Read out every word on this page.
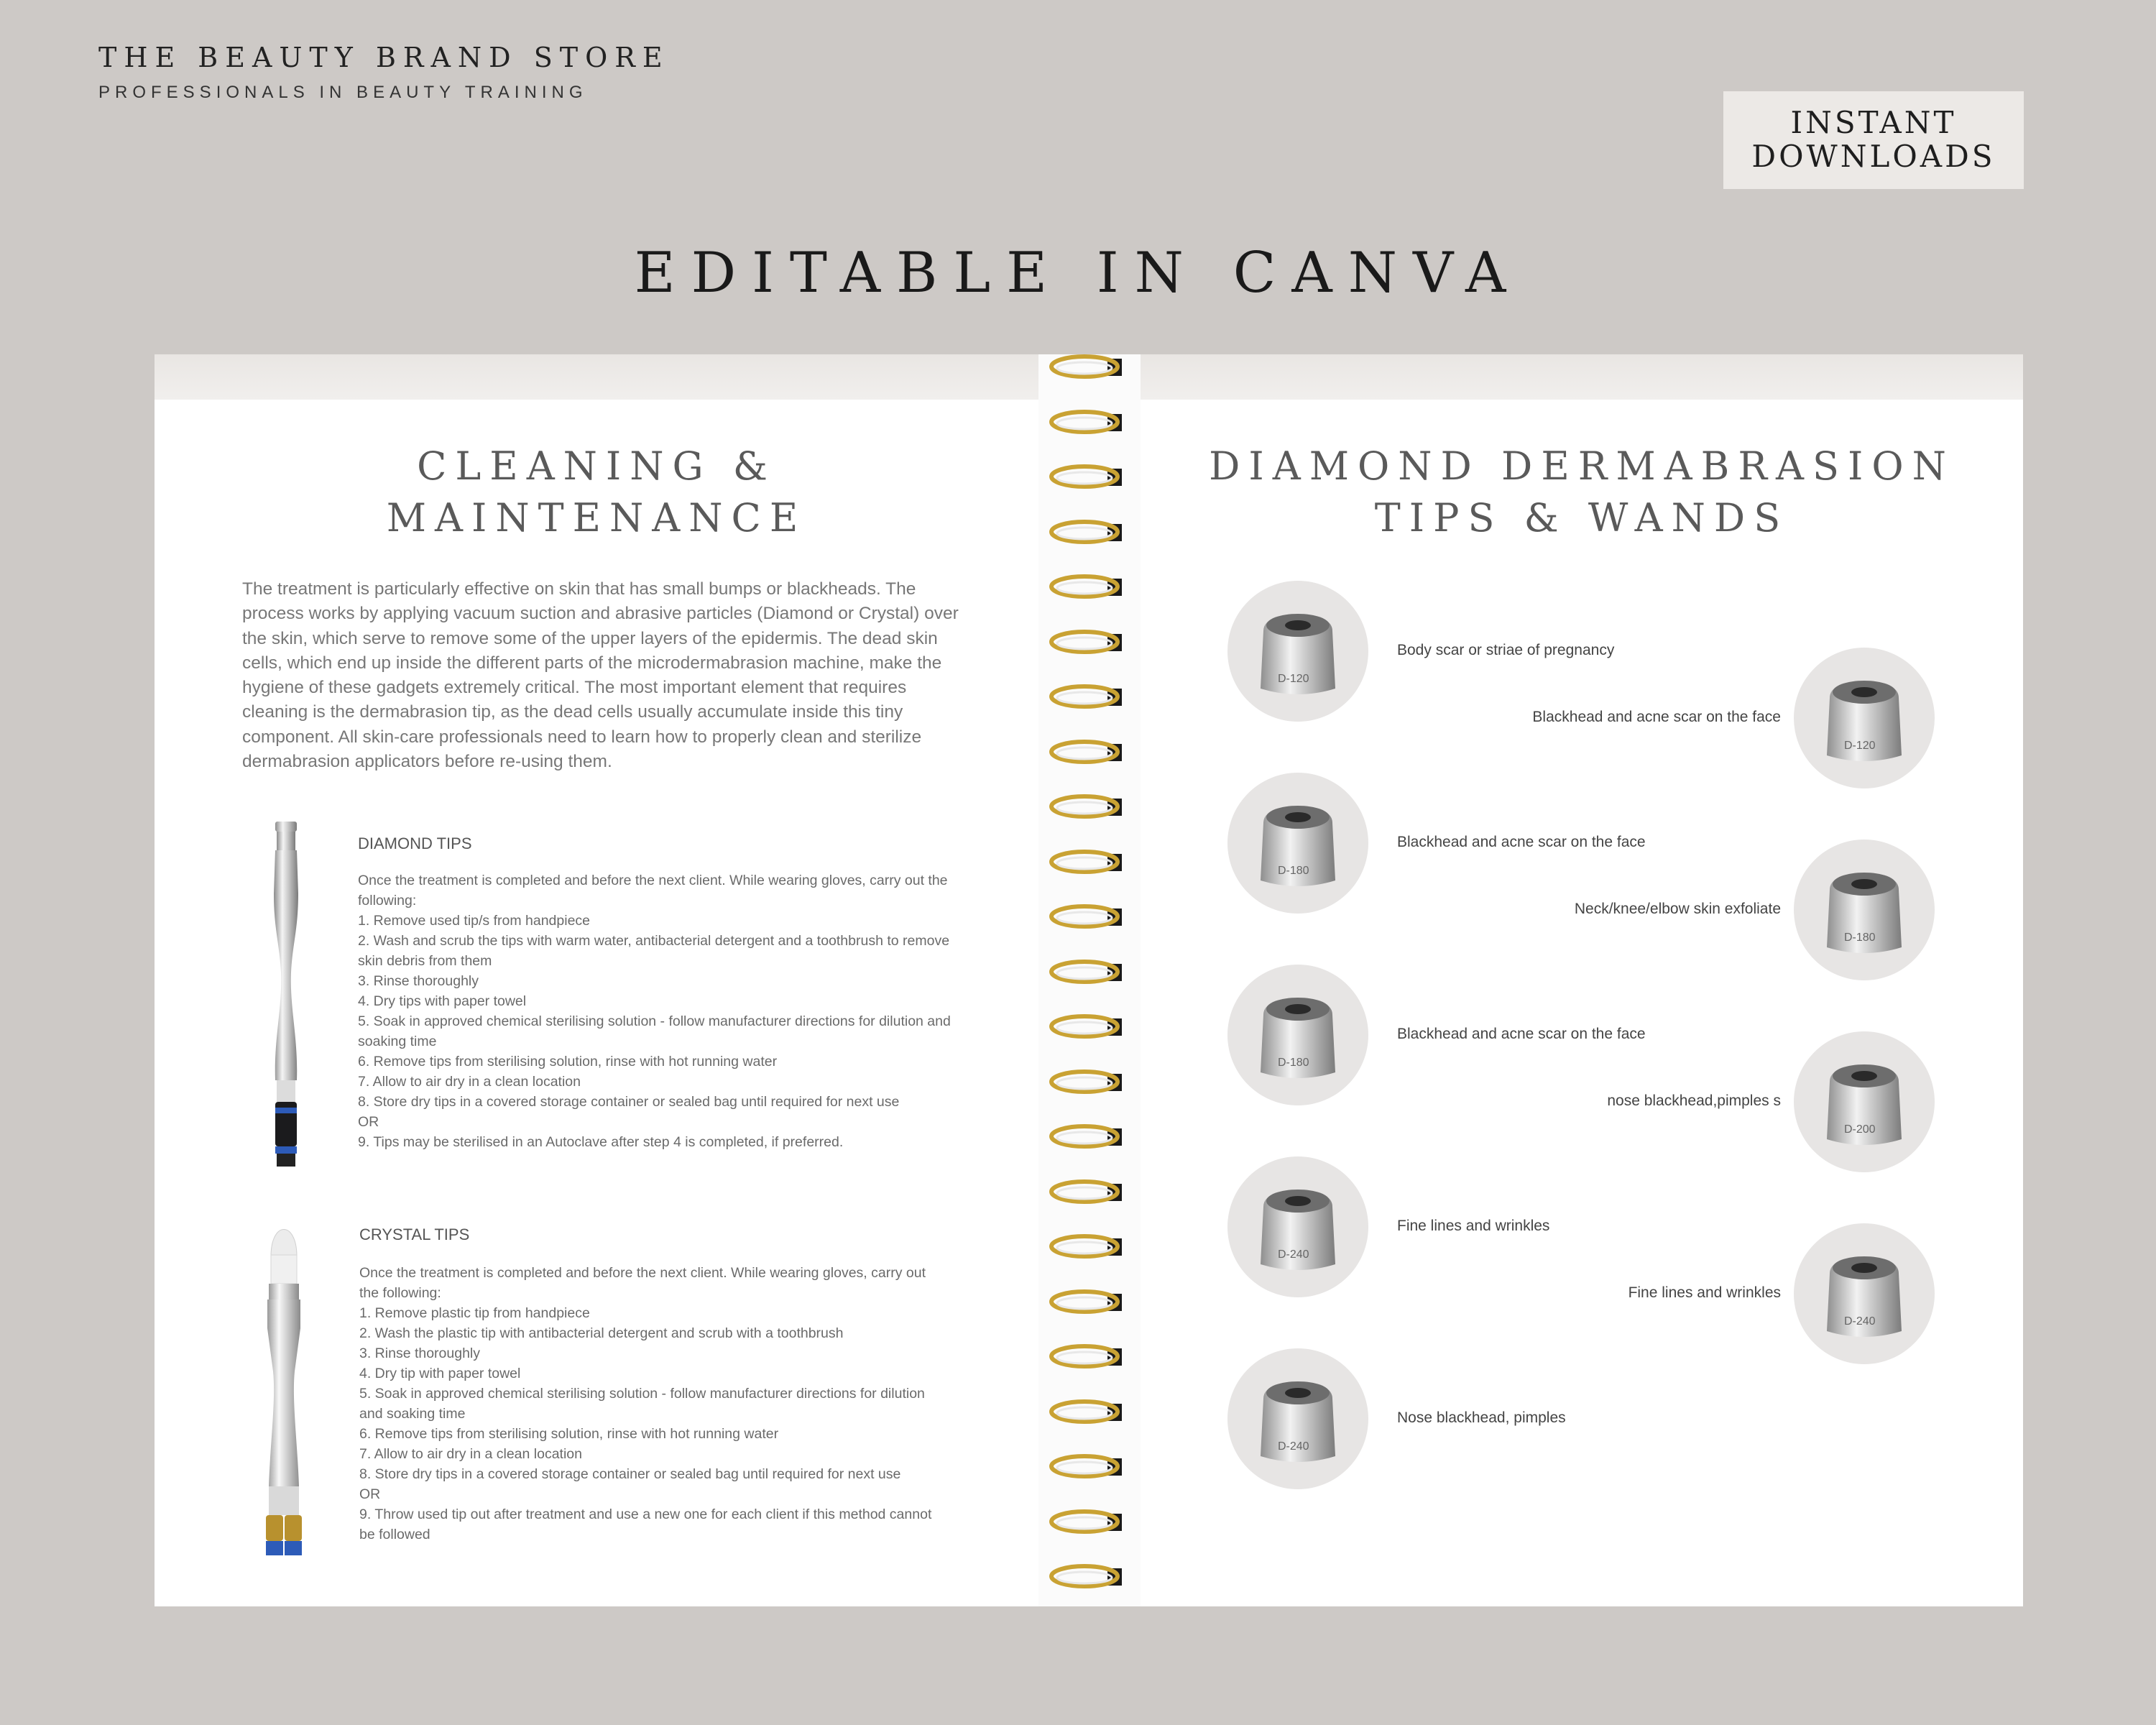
THE BEAUTY BRAND STORE
PROFESSIONALS IN BEAUTY TRAINING
INSTANT
DOWNLOADS
EDITABLE IN CANVA
CLEANING &
MAINTENANCE

The treatment is particularly effective on skin that has small bumps or blackheads. The process works by applying vacuum suction and abrasive particles (Diamond or Crystal) over the skin, which serve to remove some of the upper layers of the epidermis. The dead skin cells, which end up inside the different parts of the microdermabrasion machine, make the hygiene of these gadgets extremely critical. The most important element that requires cleaning is the dermabrasion tip, as the dead cells usually accumulate inside this tiny component. All skin-care professionals need to learn how to properly clean and sterilize dermabrasion applicators before re-using them.

DIAMOND TIPS

Once the treatment is completed and before the next client. While wearing gloves, carry out the following:
1. Remove used tip/s from handpiece
2. Wash and scrub the tips with warm water, antibacterial detergent and a toothbrush to remove skin debris from them
3. Rinse thoroughly
4. Dry tips with paper towel
5. Soak in approved chemical sterilising solution - follow manufacturer directions for dilution and soaking time
6. Remove tips from sterilising solution, rinse with hot running water
7. Allow to air dry in a clean location
8. Store dry tips in a covered storage container or sealed bag until required for next use
OR
9. Tips may be sterilised in an Autoclave after step 4 is completed, if preferred.

CRYSTAL TIPS

Once the treatment is completed and before the next client. While wearing gloves, carry out the following:
1. Remove plastic tip from handpiece
2. Wash the plastic tip with antibacterial detergent and scrub with a toothbrush
3. Rinse thoroughly
4. Dry tip with paper towel
5. Soak in approved chemical sterilising solution - follow manufacturer directions for dilution and soaking time
6. Remove tips from sterilising solution, rinse with hot running water
7. Allow to air dry in a clean location
8. Store dry tips in a covered storage container or sealed bag until required for next use
OR
9. Throw used tip out after treatment and use a new one for each client if this method cannot be followed
DIAMOND DERMABRASION
TIPS & WANDS
D-120
Body scar or striae of pregnancy
D-120
Blackhead and acne scar on the face
D-180
Blackhead and acne scar on the face
D-180
Neck/knee/elbow skin exfoliate
D-180
Blackhead and acne scar on the face
D-200
nose blackhead,pimples s
D-240
Fine lines and wrinkles
D-240
Fine lines and wrinkles
D-240
Nose blackhead, pimples
